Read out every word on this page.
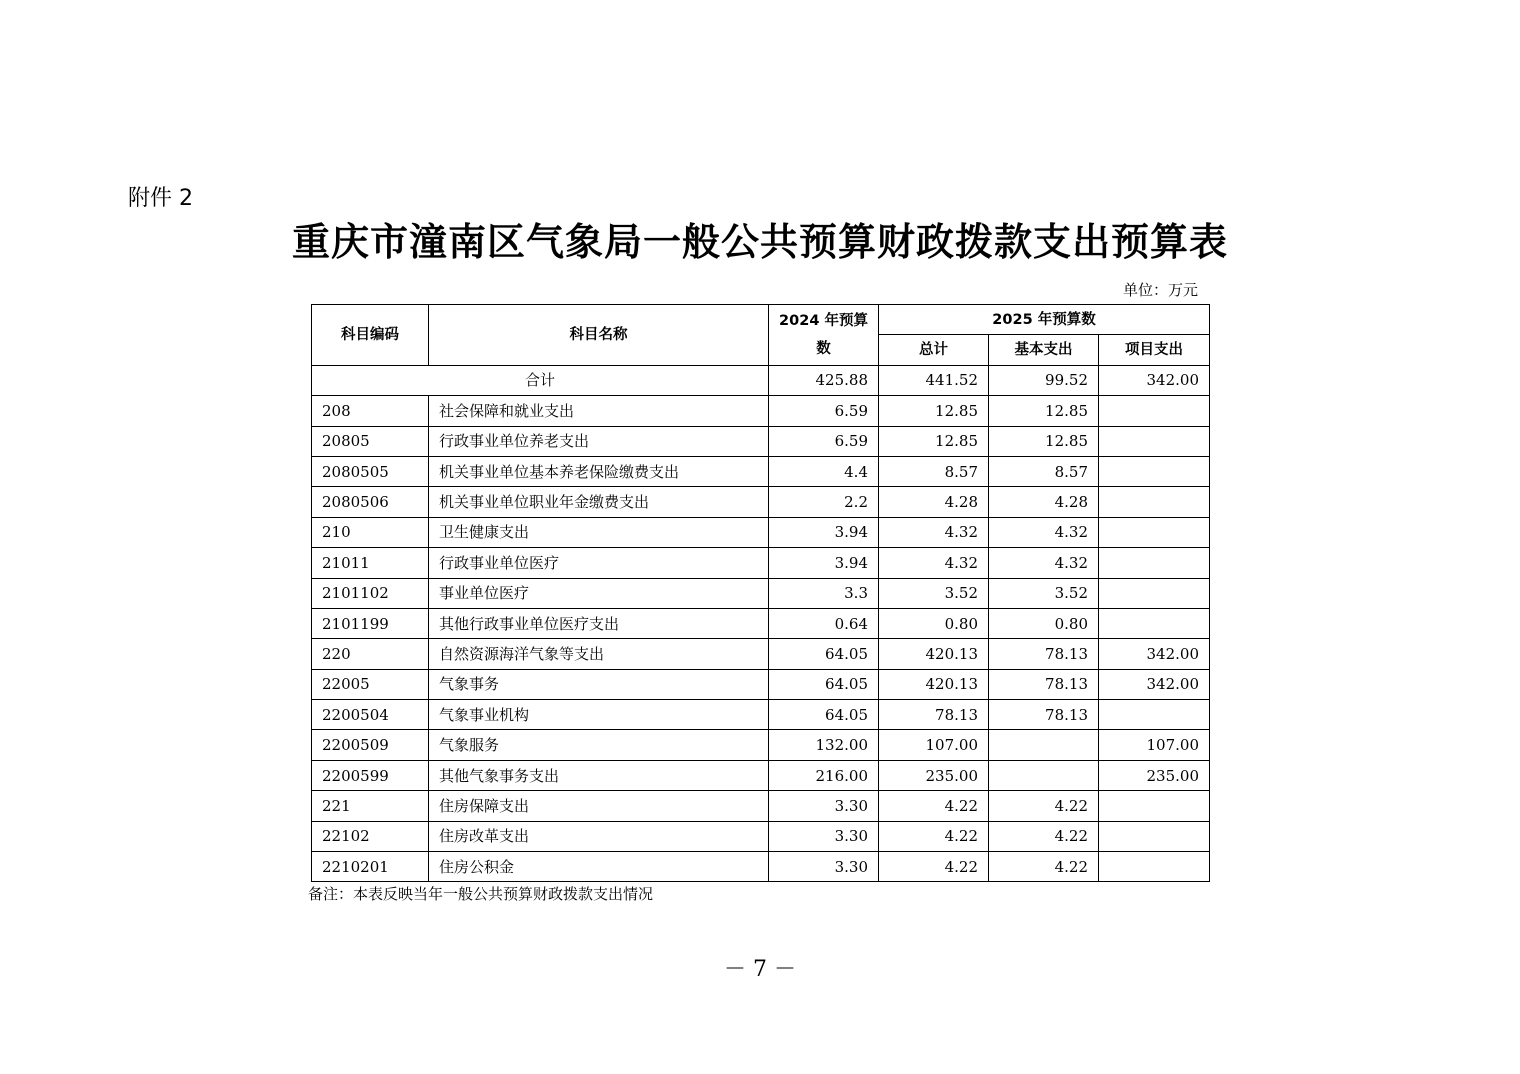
附件 2
重庆市潼南区气象局一般公共预算财政拨款支出预算表
单位：万元
科目编码	科目名称	2024 年预算数	2025 年预算数		
			总计	基本支出	项目支出
合计		425.88	441.52	99.52	342.00
208	社会保障和就业支出	6.59	12.85	12.85	
20805	行政事业单位养老支出	6.59	12.85	12.85	
2080505	机关事业单位基本养老保险缴费支出	4.4	8.57	8.57	
2080506	机关事业单位职业年金缴费支出	2.2	4.28	4.28	
210	卫生健康支出	3.94	4.32	4.32	
21011	行政事业单位医疗	3.94	4.32	4.32	
2101102	事业单位医疗	3.3	3.52	3.52	
2101199	其他行政事业单位医疗支出	0.64	0.80	0.80	
220	自然资源海洋气象等支出	64.05	420.13	78.13	342.00
22005	气象事务	64.05	420.13	78.13	342.00
2200504	气象事业机构	64.05	78.13	78.13	
2200509	气象服务	132.00	107.00		107.00
2200599	其他气象事务支出	216.00	235.00		235.00
221	住房保障支出	3.30	4.22	4.22	
22102	住房改革支出	3.30	4.22	4.22	
2210201	住房公积金	3.30	4.22	4.22	
备注：本表反映当年一般公共预算财政拨款支出情况
－ 7 －
